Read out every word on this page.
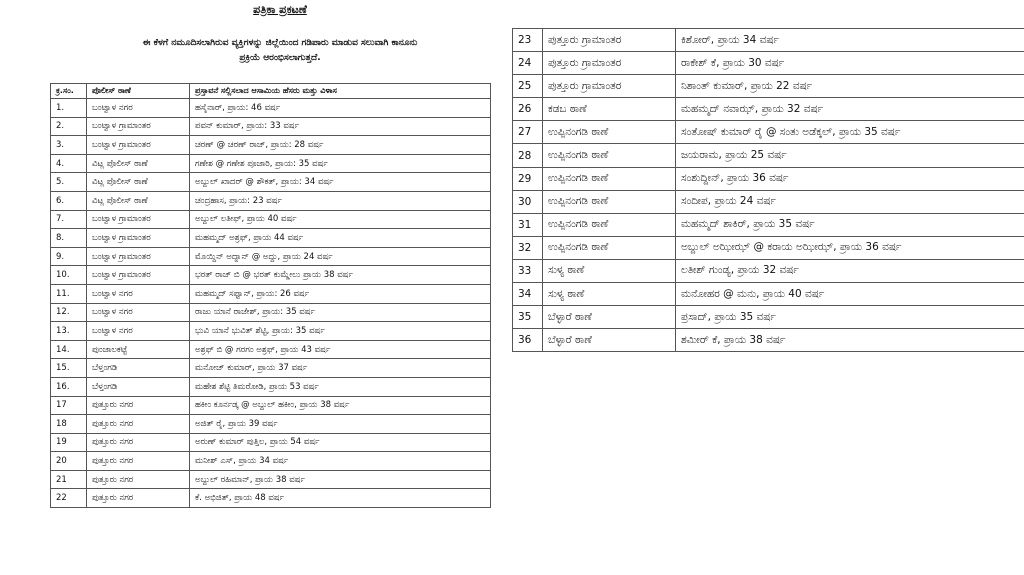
ಪತ್ರಿಕಾ ಪ್ರಕಟಣೆ
ಈ ಕೆಳಗೆ ನಮೂದಿಸಲಾಗಿರುವ ವ್ಯಕ್ತಿಗಳನ್ನು ಜಿಲ್ಲೆಯಿಂದ ಗಡಿಪಾರು ಮಾಡುವ ಸಲುವಾಗಿ ಕಾನೂನು
ಪ್ರಕ್ರಿಯೆ ಆರಂಭಿಸಲಾಗುತ್ತದೆ.
ಕ್ರ.ಸಂ.	ಪೊಲೀಸ್ ಠಾಣೆ	ಪ್ರಸ್ತಾವನೆ ಸಲ್ಲಿಸಲಾದ ಆಸಾಮಿಯ ಹೆಸರು ಮತ್ತು ವಿಳಾಸ
1.	ಬಂಟ್ವಾಳ ನಗರ	ಹಸೈನಾರ್, ಪ್ರಾಯ: 46 ವರ್ಷ
2.	ಬಂಟ್ವಾಳ ಗ್ರಾಮಾಂತರ	ಪವನ್ ಕುಮಾರ್, ಪ್ರಾಯ: 33 ವರ್ಷ
3.	ಬಂಟ್ವಾಳ ಗ್ರಾಮಾಂತರ	ಚರಣ್ @ ಚರಣ್ ರಾಜ್, ಪ್ರಾಯ: 28 ವರ್ಷ
4.	ವಿಟ್ಲ ಪೊಲೀಸ್ ಠಾಣೆ	ಗಣೇಶ @ ಗಣೇಶ ಪೂಜಾರಿ, ಪ್ರಾಯ: 35 ವರ್ಷ
5.	ವಿಟ್ಲ ಪೊಲೀಸ್ ಠಾಣೆ	ಅಬ್ದುಲ್ ಖಾದರ್ @ ಶೌಕತ್, ಪ್ರಾಯ: 34 ವರ್ಷ
6.	ವಿಟ್ಲ ಪೊಲೀಸ್ ಠಾಣೆ	ಚಂದ್ರಹಾಸ, ಪ್ರಾಯ: 23 ವರ್ಷ
7.	ಬಂಟ್ವಾಳ ಗ್ರಾಮಾಂತರ	ಅಬ್ದುಲ್ ಲತೀಫ್, ಪ್ರಾಯ 40 ವರ್ಷ
8.	ಬಂಟ್ವಾಳ ಗ್ರಾಮಾಂತರ	ಮಹಮ್ಮದ್ ಅಶ್ರಫ್, ಪ್ರಾಯ 44 ವರ್ಷ
9.	ಬಂಟ್ವಾಳ ಗ್ರಾಮಾಂತರ	ಮೊಯ್ದಿನ್ ಅದ್ನಾನ್ @ ಅದ್ದು, ಪ್ರಾಯ 24 ವರ್ಷ
10.	ಬಂಟ್ವಾಳ ಗ್ರಾಮಾಂತರ	ಭರತ್ ರಾಜ್ ಬಿ @ ಭರತ್ ಕುಮ್ಡೇಲು ಪ್ರಾಯ 38 ವರ್ಷ
11.	ಬಂಟ್ವಾಳ ನಗರ	ಮಹಮ್ಮದ್ ಸಫ್ವಾನ್, ಪ್ರಾಯ: 26 ವರ್ಷ
12.	ಬಂಟ್ವಾಳ ನಗರ	ರಾಜು ಯಾನೆ ರಾಜೇಶ್, ಪ್ರಾಯ: 35 ವರ್ಷ
13.	ಬಂಟ್ವಾಳ ನಗರ	ಭುವಿ ಯಾನೆ ಭುವಿತ್ ಶೆಟ್ಟಿ, ಪ್ರಾಯ: 35 ವರ್ಷ
14.	ಪುಂಜಾಲಕಟ್ಟೆ	ಅಶ್ರಫ್ ಬಿ @ ಗರಗಂ ಅಶ್ರಫ್, ಪ್ರಾಯ 43 ವರ್ಷ
15.	ಬೆಳ್ತಂಗಡಿ	ಮನೋಜ್ ಕುಮಾರ್, ಪ್ರಾಯ 37 ವರ್ಷ
16.	ಬೆಳ್ತಂಗಡಿ	ಮಹೇಶ ಶೆಟ್ಟಿ ತಿಮರೋಡಿ, ಪ್ರಾಯ 53 ವರ್ಷ
17	ಪುತ್ತೂರು ನಗರ	ಹಕೀಂ ಕೂರ್ನಡ್ಕ @ ಅಬ್ದುಲ್ ಹಕೀಂ, ಪ್ರಾಯ 38 ವರ್ಷ
18	ಪುತ್ತೂರು ನಗರ	ಅಜಿತ್ ರೈ, ಪ್ರಾಯ 39 ವರ್ಷ
19	ಪುತ್ತೂರು ನಗರ	ಅರುಣ್ ಕುಮಾರ್ ಪುತ್ತಿಲ, ಪ್ರಾಯ 54 ವರ್ಷ
20	ಪುತ್ತೂರು ನಗರ	ಮನೀಶ್ ಎಸ್, ಪ್ರಾಯ 34 ವರ್ಷ
21	ಪುತ್ತೂರು ನಗರ	ಅಬ್ದುಲ್ ರಹಿಮಾನ್, ಪ್ರಾಯ 38 ವರ್ಷ
22	ಪುತ್ತೂರು ನಗರ	ಕೆ. ಅಭಿಜಿತ್, ಪ್ರಾಯ 48 ವರ್ಷ
23	ಪುತ್ತೂರು ಗ್ರಾಮಾಂತರ	ಕಿಶೋರ್, ಪ್ರಾಯ 34 ವರ್ಷ
24	ಪುತ್ತೂರು ಗ್ರಾಮಾಂತರ	ರಾಕೇಶ್ ಕೆ, ಪ್ರಾಯ 30 ವರ್ಷ
25	ಪುತ್ತೂರು ಗ್ರಾಮಾಂತರ	ನಿಶಾಂತ್ ಕುಮಾರ್, ಪ್ರಾಯ 22 ವರ್ಷ
26	ಕಡಬ ಠಾಣೆ	ಮಹಮ್ಮದ್ ನವಾಝ್, ಪ್ರಾಯ 32 ವರ್ಷ
27	ಉಪ್ಪಿನಂಗಡಿ ಠಾಣೆ	ಸಂತೋಷ್ ಕುಮಾರ್ ರೈ @ ಸಂತು ಅಡೆಕ್ಕಲ್, ಪ್ರಾಯ 35 ವರ್ಷ
28	ಉಪ್ಪಿನಂಗಡಿ ಠಾಣೆ	ಜಯರಾಮ, ಪ್ರಾಯ 25 ವರ್ಷ
29	ಉಪ್ಪಿನಂಗಡಿ ಠಾಣೆ	ಸಂಶುದ್ದೀನ್, ಪ್ರಾಯ 36 ವರ್ಷ
30	ಉಪ್ಪಿನಂಗಡಿ ಠಾಣೆ	ಸಂದೀಪ, ಪ್ರಾಯ 24 ವರ್ಷ
31	ಉಪ್ಪಿನಂಗಡಿ ಠಾಣೆ	ಮಹಮ್ಮದ್ ಶಾಕಿರ್, ಪ್ರಾಯ 35 ವರ್ಷ
32	ಉಪ್ಪಿನಂಗಡಿ ಠಾಣೆ	ಅಬ್ದುಲ್ ಅಝೀಝ್ @ ಕರಾಯ ಅಝೀಝ್, ಪ್ರಾಯ 36 ವರ್ಷ
33	ಸುಳ್ಯ ಠಾಣೆ	ಲತೀಶ್ ಗುಂಡ್ಯ, ಪ್ರಾಯ 32 ವರ್ಷ
34	ಸುಳ್ಯ ಠಾಣೆ	ಮನೋಹರ @ ಮನು, ಪ್ರಾಯ 40 ವರ್ಷ
35	ಬೆಳ್ಳಾರೆ ಠಾಣೆ	ಪ್ರಸಾದ್, ಪ್ರಾಯ 35 ವರ್ಷ
36	ಬೆಳ್ಳಾರೆ ಠಾಣೆ	ಶಮೀರ್ ಕೆ, ಪ್ರಾಯ 38 ವರ್ಷ
